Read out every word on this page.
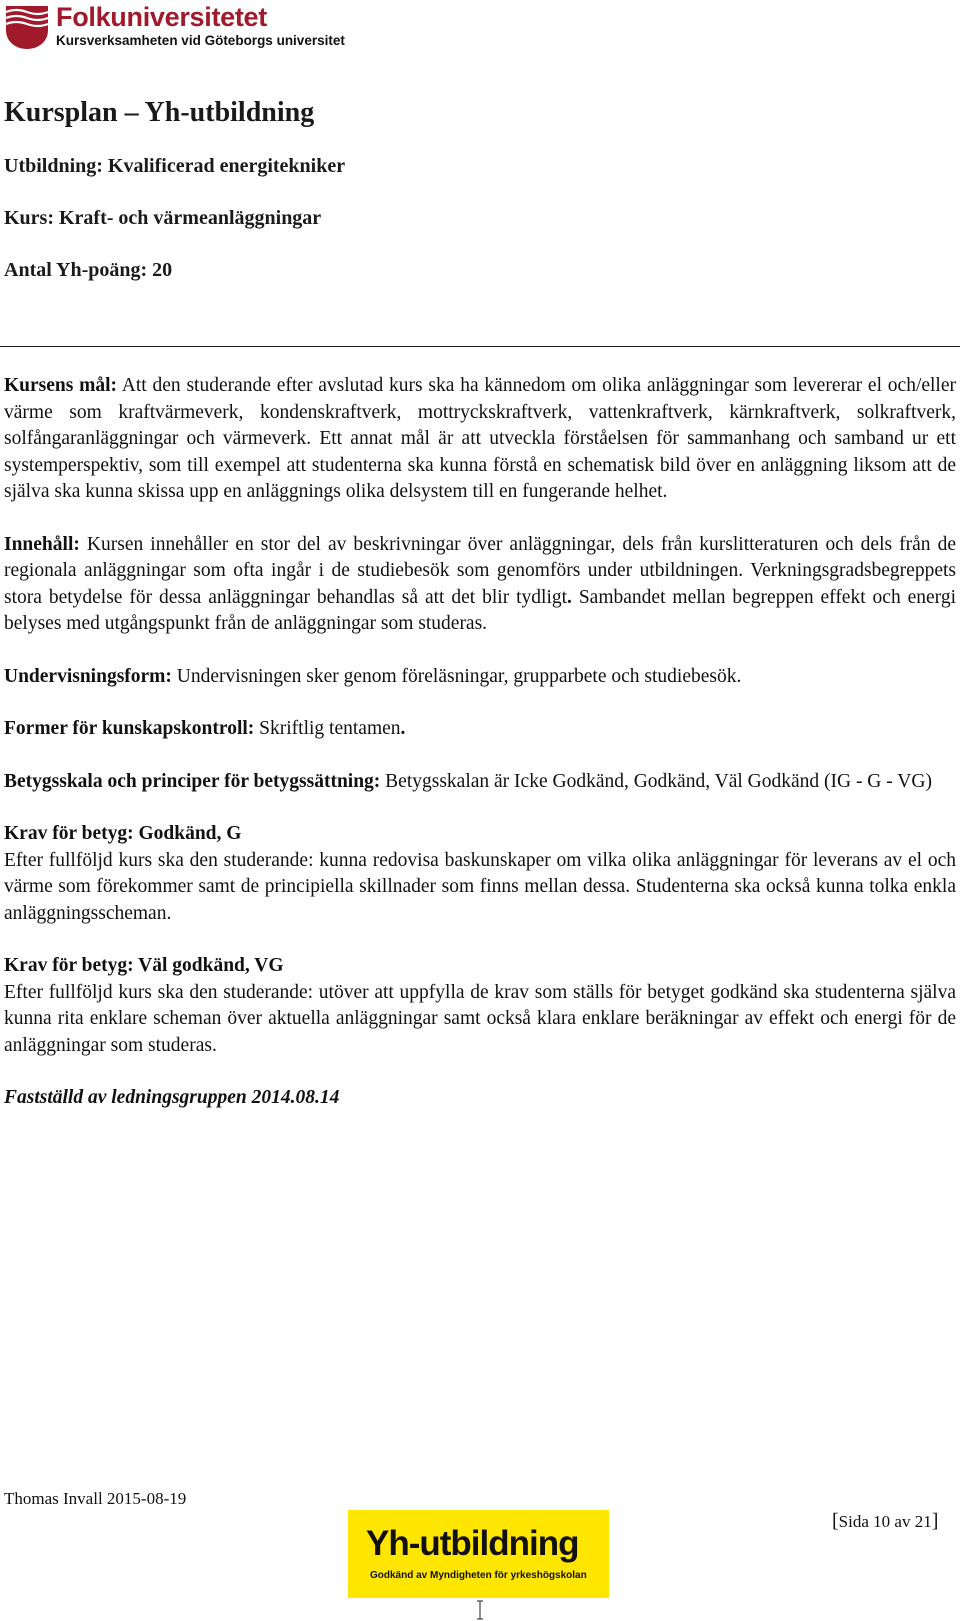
Folkuniversitetet
Kursverksamheten vid Göteborgs universitet
Kursplan – Yh-utbildning

Utbildning: Kvalificerad energitekniker

Kurs: Kraft- och värmeanläggningar

Antal Yh-poäng: 20

Kursens mål: Att den studerande efter avslutad kurs ska ha kännedom om olika anläggningar som levererar el och/eller värme som kraftvärmeverk, kondenskraftverk, mottryckskraftverk, vattenkraftverk, kärnkraftverk, solkraftverk, solfångaranläggningar och värmeverk. Ett annat mål är att utveckla förståelsen för sammanhang och samband ur ett systemperspektiv, som till exempel att studenterna ska kunna förstå en schematisk bild över en anläggning liksom att de själva ska kunna skissa upp en anläggnings olika delsystem till en fungerande helhet.

Innehåll: Kursen innehåller en stor del av beskrivningar över anläggningar, dels från kurslitteraturen och dels från de regionala anläggningar som ofta ingår i de studiebesök som genomförs under utbildningen. Verkningsgradsbegreppets stora betydelse för dessa anläggningar behandlas så att det blir tydligt. Sambandet mellan begreppen effekt och energi belyses med utgångspunkt från de anläggningar som studeras.

Undervisningsform: Undervisningen sker genom föreläsningar, grupparbete och studiebesök.

Former för kunskapskontroll: Skriftlig tentamen.

Betygsskala och principer för betygssättning: Betygsskalan är Icke Godkänd, Godkänd, Väl Godkänd (IG - G - VG)

Krav för betyg: Godkänd, G

Efter fullföljd kurs ska den studerande: kunna redovisa baskunskaper om vilka olika anläggningar för leverans av el och värme som förekommer samt de principiella skillnader som finns mellan dessa. Studenterna ska också kunna tolka enkla anläggningsscheman.

Krav för betyg: Väl godkänd, VG

Efter fullföljd kurs ska den studerande: utöver att uppfylla de krav som ställs för betyget godkänd ska studenterna själva kunna rita enklare scheman över aktuella anläggningar samt också klara enklare beräkningar av effekt och energi för de anläggningar som studeras.

Fastställd av ledningsgruppen 2014.08.14

Thomas Invall 2015-08-19
Yh-utbildning
Godkänd av Myndigheten för yrkeshögskolan
[Sida 10 av 21]
